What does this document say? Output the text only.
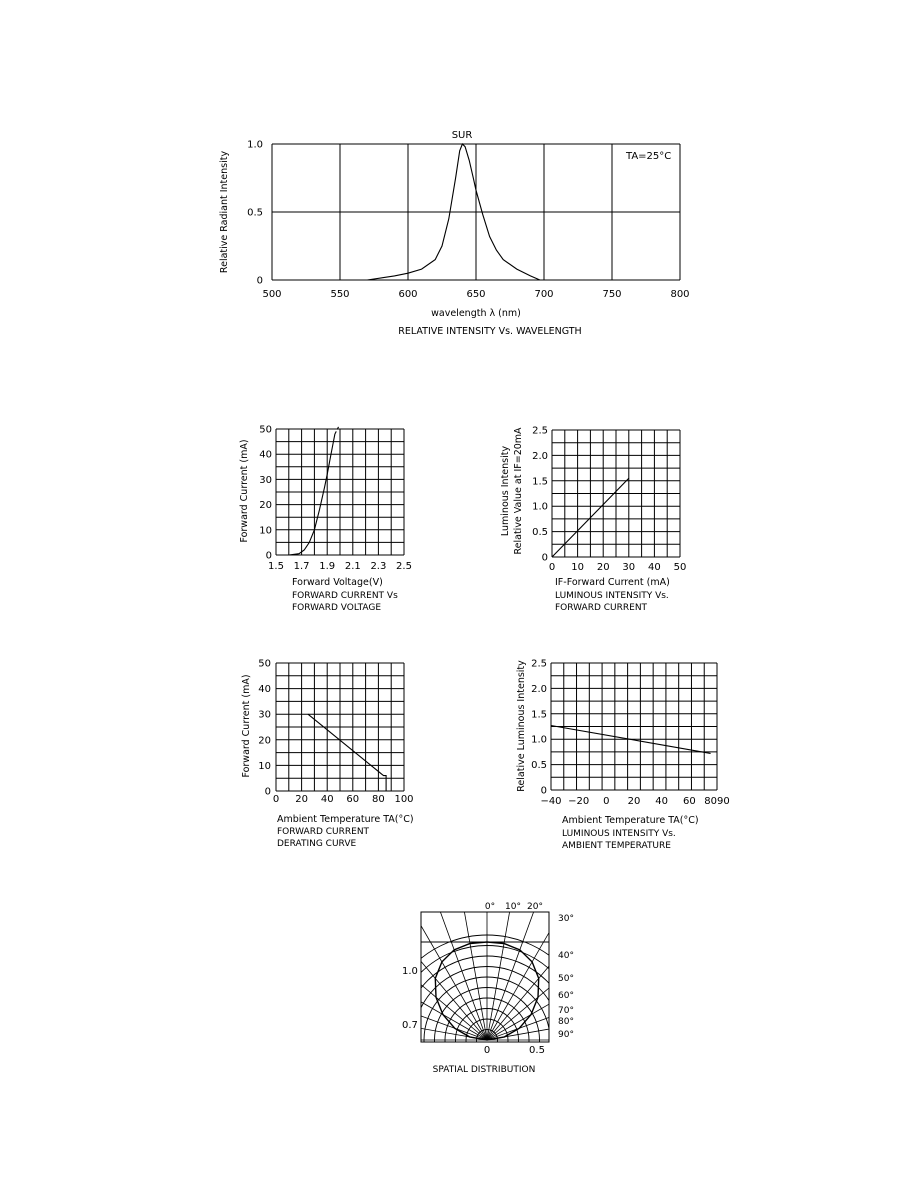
SUR
TA=25°C
Relative Radiant Intensity
wavelength λ (nm)
RELATIVE INTENSITY Vs. WAVELENGTH
500	550	600	650	700	750	800
0
0.5
1.0
Forward Current (mA)
Forward Voltage(V)
FORWARD CURRENT Vs
FORWARD VOLTAGE
1.5 1.7 1.9 2.1 2.3 2.5
0
10
20
30
40
50
Luminous Intensity Relative Value at IF=20mA
IF-Forward Current (mA)
LUMINOUS INTENSITY Vs.
FORWARD CURRENT
0 10 20 30 40 50
0
0.5
1.0
1.5
2.0
2.5
Forward Current (mA)
Ambient Temperature TA(°C)
FORWARD CURRENT
DERATING CURVE
0 20 40 60 80 100
0
10
20
30
40
50	Relative Luminous Intensity
Ambient Temperature TA(°C)
LUMINOUS INTENSITY Vs.
AMBIENT TEMPERATURE
−40 −20 0 20 40 60 8090
0
0.5
1.0
1.5
2.0
2.5
SPATIAL DISTRIBUTION
1.0
0.7
0° 10° 20°
30°
40°
50°
60°
70°
80°
90°
0	0.5
